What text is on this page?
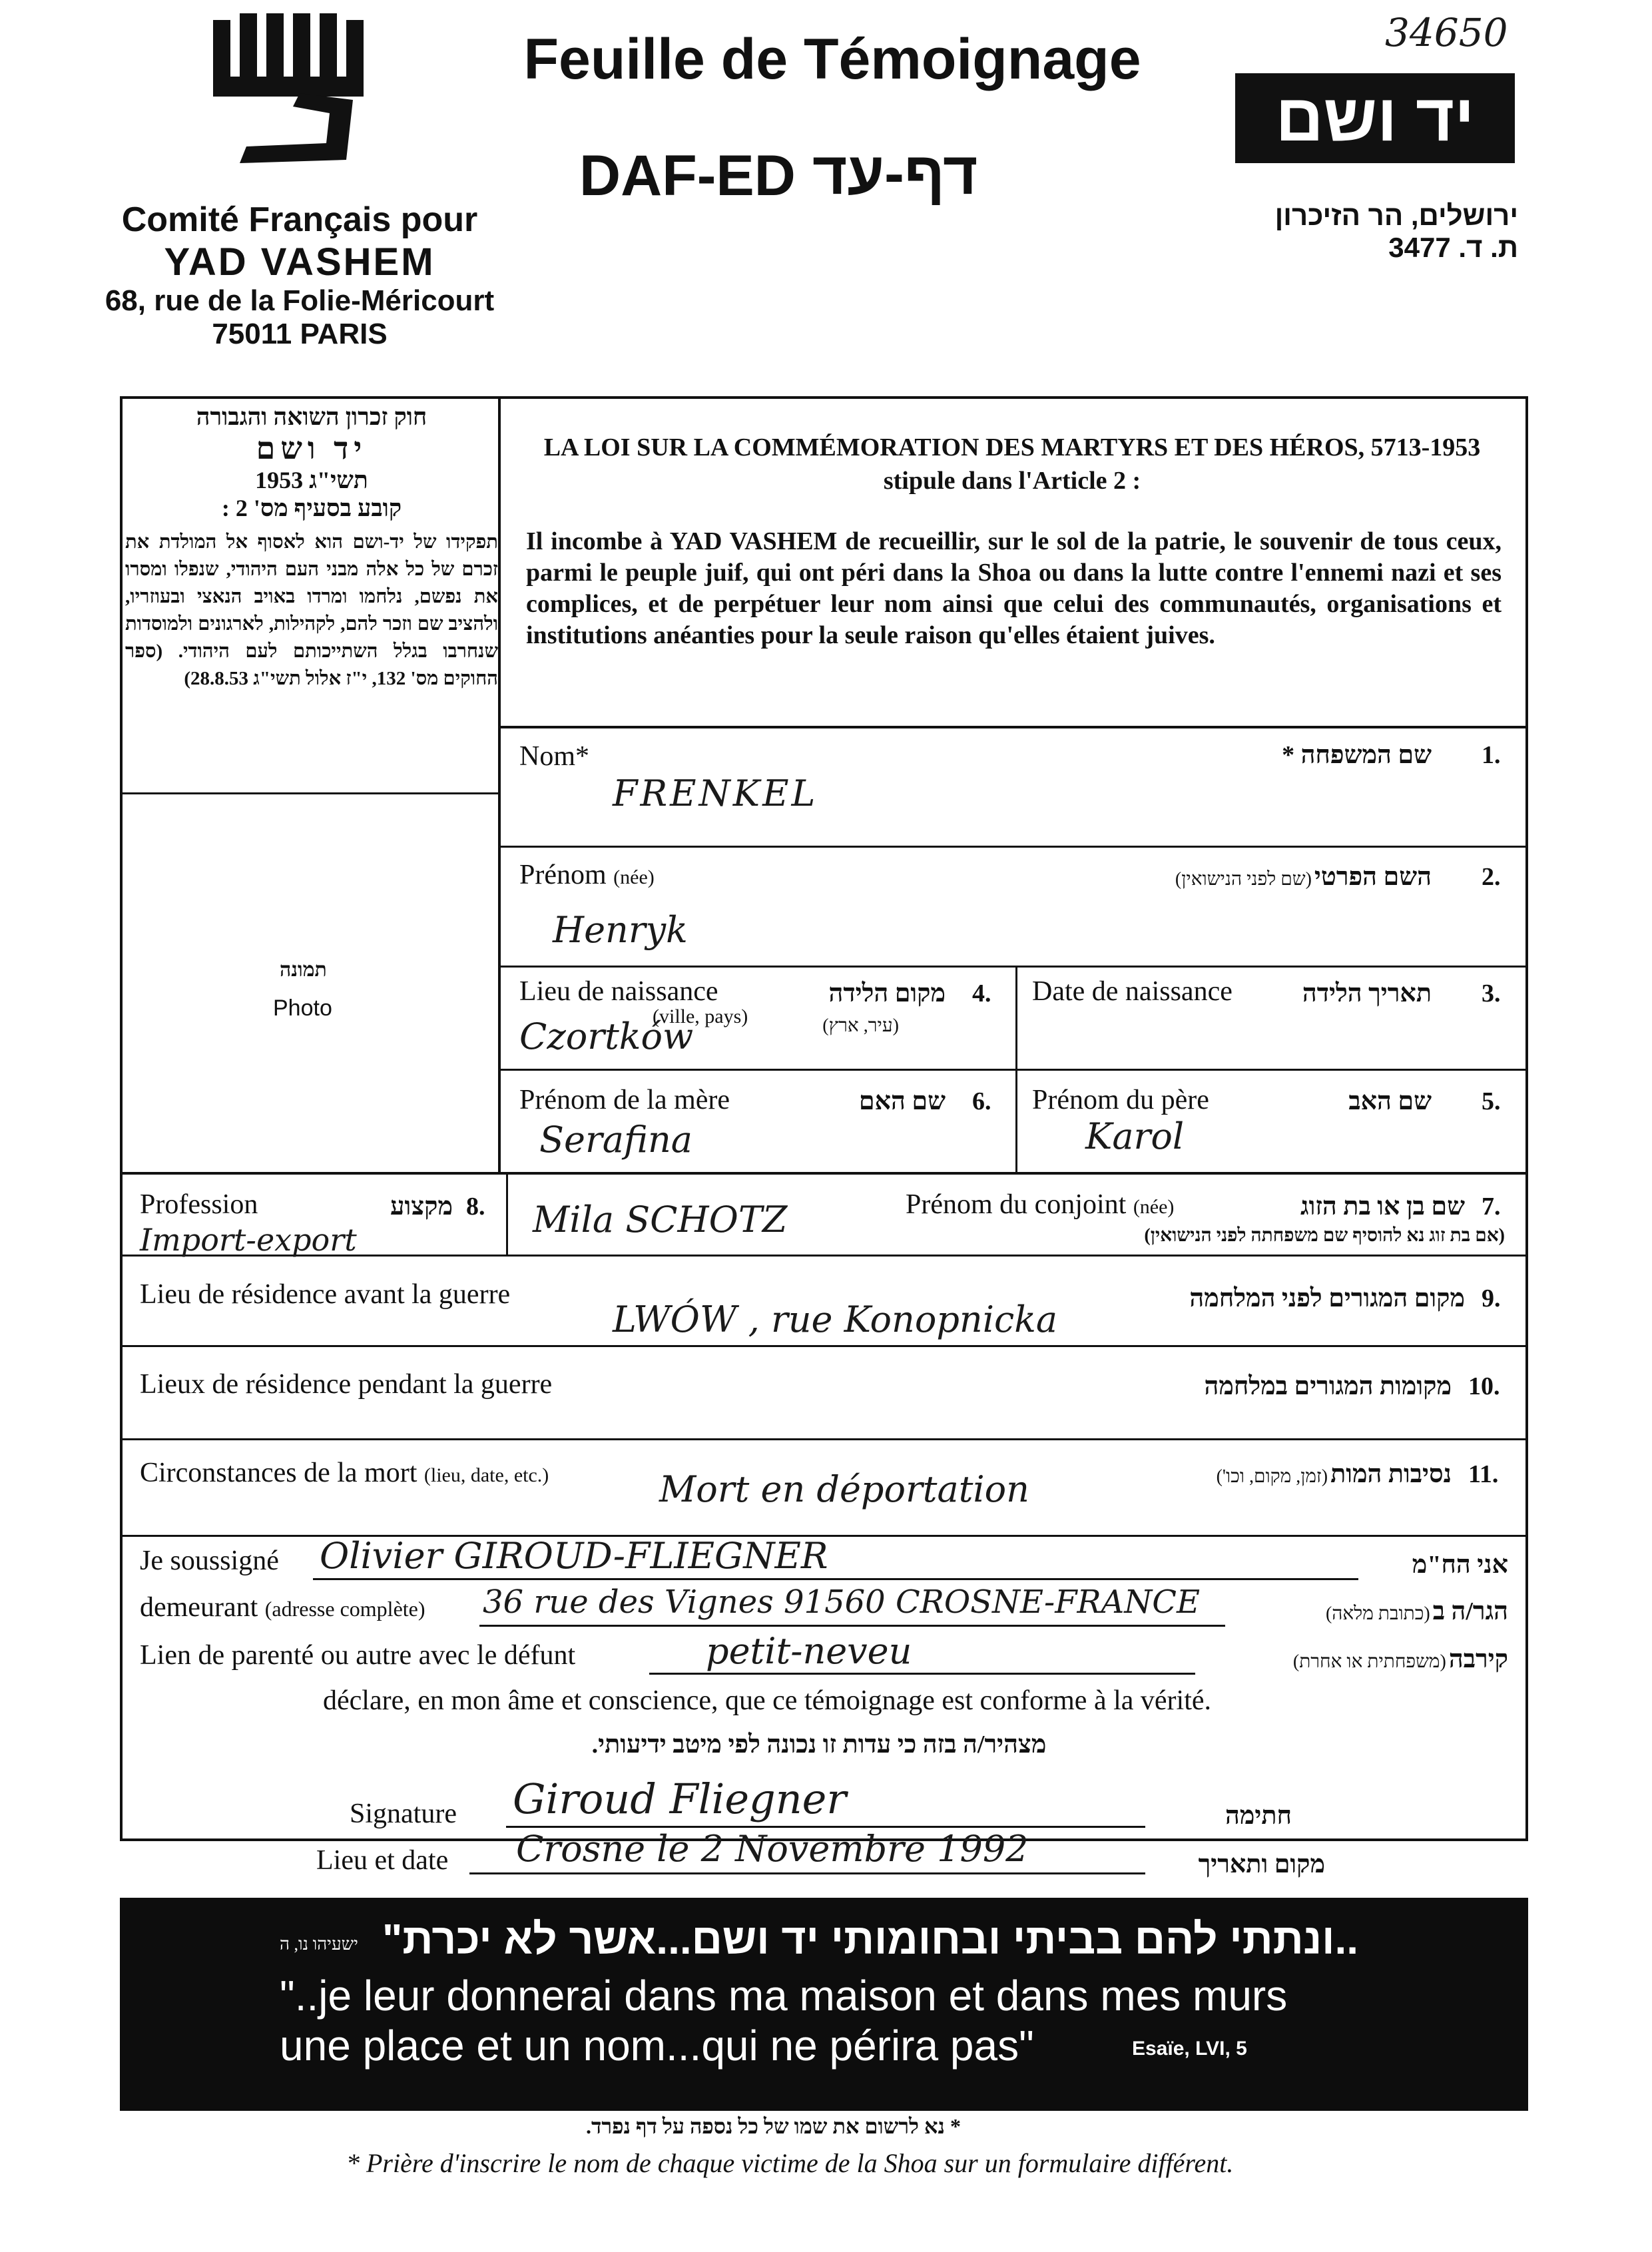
34650
Comité Français pour
YAD VASHEM
68, rue de la Folie-Méricourt
75011 PARIS
Feuille de Témoignage
DAF-ED דף-עד
יד ושם
ירושלים, הר הזיכרון
ת. ד. 3477
חוק זכרון השואה והגבורה
יד ושם
תשי"ג 1953
קובע בסעיף מס' 2 :
תפקידו של יד-ושם הוא לאסוף אל המולדת את זכרם של כל אלה מבני העם היהודי, שנפלו ומסרו את נפשם, נלחמו ומרדו באויב הנאצי ובעוזריו, ולהציב שם וזכר להם, לקהילות, לארגונים ולמוסדות שנחרבו בגלל השתייכותם לעם היהודי. (ספר החוקים מס' 132, י"ז אלול תשי"ג 28.8.53)
LA LOI SUR LA COMMÉMORATION DES MARTYRS ET DES HÉROS, 5713-1953
stipule dans l'Article 2 :
Il incombe à YAD VASHEM de recueillir, sur le sol de la patrie, le souvenir de tous ceux, parmi le peuple juif, qui ont péri dans la Shoa ou dans la lutte contre l'ennemi nazi et ses complices, et de perpétuer leur nom ainsi que celui des communautés, organisations et institutions anéanties pour la seule raison qu'elles étaient juives.
תמונה
Photo
Nom*	שם המשפחה * 1.
FRENKEL
Prénom (née)	השם הפרטי (שם לפני הנישואין)	2.
Henryk
Lieu de naissance
(ville, pays)
מקום הלידה
(עיר, ארץ)
4.
Czortków
Date de naissance	תאריך הלידה 3.
Prénom de la mère	שם האם 6.
Serafina
Prénom du père	שם האב 5.
Karol
Profession	מקצוע 8.
Import-export
Prénom du conjoint (née)	שם בן או בת הזוג 7.
(אם בת זוג נא להוסיף שם משפחתה לפני הנישואין)
Mila SCHOTZ
Lieu de résidence avant la guerre	מקום המגורים לפני המלחמה 9.
LWÓW , rue Konopnicka
Lieux de résidence pendant la guerre	מקומות המגורים במלחמה 10.
Circonstances de la mort (lieu, date, etc.)	נסיבות המות (זמן, מקום, וכו')	11.
Mort en déportation
Je soussigné Olivier GIROUD-FLIEGNER	אני הח"מ
demeurant (adresse complète) 36 rue des Vignes 91560 CROSNE-FRANCE	הגר/ה ב (כתובת מלאה)
Lien de parenté ou autre avec le défunt	petit-neveu	קירבה (משפחתית או אחרת)
déclare, en mon âme et conscience, que ce témoignage est conforme à la vérité.
מצהיר/ה בזה כי עדות זו נכונה לפי מיטב ידיעותי.
Signature Giroud Fliegner	חתימה
Lieu et date Crosne le 2 Novembre 1992	מקום ותאריך
..ונתתי להם בביתי ובחומותי יד ושם...אשר לא יכרת"
ישעיהו נו, ה
"..je leur donnerai dans ma maison et dans mes murs
une place et un nom...qui ne périra pas"	Esaïe, LVI, 5
* נא לרשום את שמו של כל נספה על דף נפרד.
* Prière d'inscrire le nom de chaque victime de la Shoa sur un formulaire différent.
